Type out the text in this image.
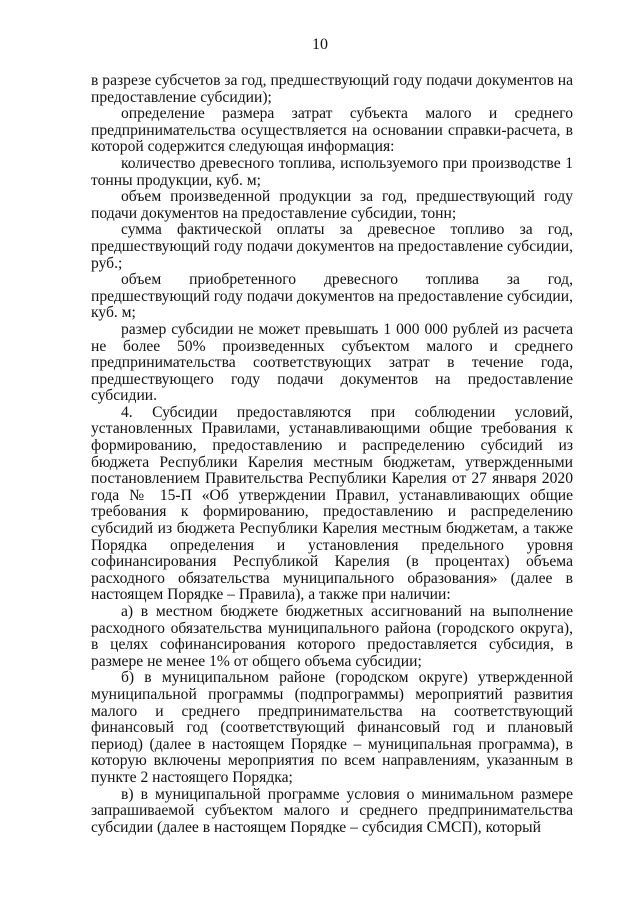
10

в разрезе субсчетов за год, предшествующий году подачи документов на предоставление субсидии);

определение размера затрат субъекта малого и среднего предпринимательства осуществляется на основании справки-расчета, в которой содержится следующая информация:

количество древесного топлива, используемого при производстве 1 тонны продукции, куб. м;

объем произведенной продукции за год, предшествующий году подачи документов на предоставление субсидии, тонн;

сумма фактической оплаты за древесное топливо за год, предшествующий году подачи документов на предоставление субсидии, руб.;

объем приобретенного древесного топлива за год, предшествующий году подачи документов на предоставление субсидии, куб. м;

размер субсидии не может превышать 1 000 000 рублей из расчета не более 50% произведенных субъектом малого и среднего предпринимательства соответствующих затрат в течение года, предшествующего году подачи документов на предоставление субсидии.

4. Субсидии предоставляются при соблюдении условий, установленных Правилами, устанавливающими общие требования к формированию, предоставлению и распределению субсидий из бюджета Республики Карелия местным бюджетам, утвержденными постановлением Правительства Республики Карелия от 27 января 2020 года № 15-П «Об утверждении Правил, устанавливающих общие требования к формированию, предоставлению и распределению субсидий из бюджета Республики Карелия местным бюджетам, а также Порядка определения и установления предельного уровня софинансирования Республикой Карелия (в процентах) объема расходного обязательства муниципального образования» (далее в настоящем Порядке – Правила), а также при наличии:

а) в местном бюджете бюджетных ассигнований на выполнение расходного обязательства муниципального района (городского округа), в целях софинансирования которого предоставляется субсидия, в размере не менее 1% от общего объема субсидии;

б) в муниципальном районе (городском округе) утвержденной муниципальной программы (подпрограммы) мероприятий развития малого и среднего предпринимательства на соответствующий финансовый год (соответствующий финансовый год и плановый период) (далее в настоящем Порядке – муниципальная программа), в которую включены мероприятия по всем направлениям, указанным в пункте 2 настоящего Порядка;

в) в муниципальной программе условия о минимальном размере запрашиваемой субъектом малого и среднего предпринимательства субсидии (далее в настоящем Порядке – субсидия СМСП), который
